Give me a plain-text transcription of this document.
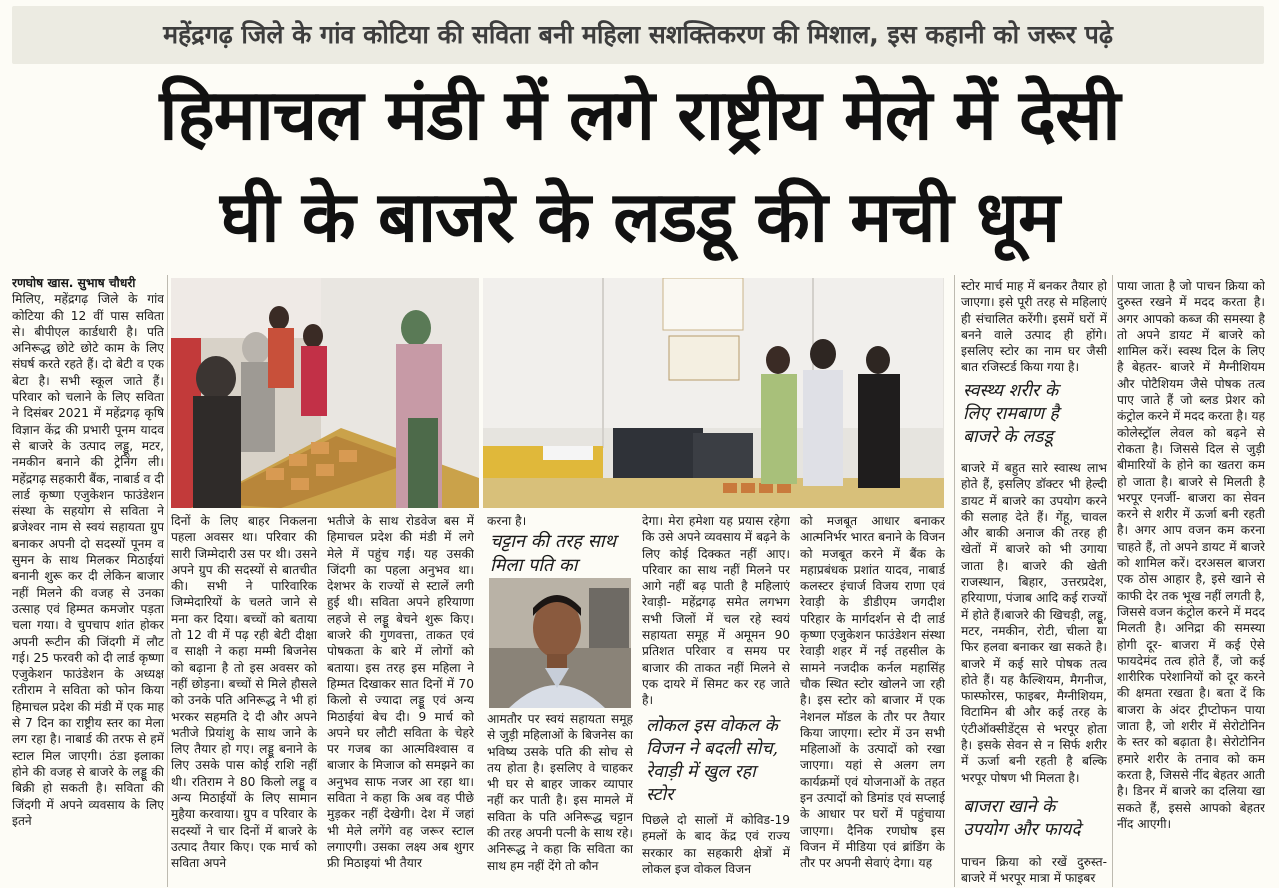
महेंद्रगढ़ जिले के गांव कोटिया की सविता बनी महिला सशक्तिकरण की मिशाल, इस कहानी को जरूर पढ़े
हिमाचल मंडी में लगे राष्ट्रीय मेले में देसी
घी के बाजरे के लडडू की मची धूम
रणघोष खास. सुभाष चौधरी

मिलिए, महेंद्रगढ़ जिले के गांव कोटिया की 12 वीं पास सविता से। बीपीएल कार्डधारी है। पति अनिरूद्ध छोटे छोटे काम के लिए संघर्ष करते रहते हैं। दो बेटी व एक बेटा है। सभी स्कूल जाते हैं। परिवार को चलाने के लिए सविता ने दिसंबर 2021 में महेंद्रगढ़ कृषि विज्ञान केंद्र की प्रभारी पूनम यादव से बाजरे के उत्पाद लड्डू, मटर, नमकीन बनाने की ट्रेनिंग ली। महेंद्रगढ़ सहकारी बैंक, नाबार्ड व दी लार्ड कृष्णा एजुकेशन फाउंडेशन संस्था के सहयोग से सविता ने ब्रजेश्वर नाम से स्वयं सहायता ग्रुप बनाकर अपनी दो सदस्यों पूनम व सुमन के साथ मिलकर मिठाईयां बनानी शुरू कर दी लेकिन बाजार नहीं मिलने की वजह से उनका उत्साह एवं हिम्मत कमजोर पड़ता चला गया। वे चुपचाप शांत होकर अपनी रूटीन की जिंदगी में लौट गई। 25 फरवरी को दी लार्ड कृष्णा एजुकेशन फाउंडेशन के अध्यक्ष रतीराम ने सविता को फोन किया हिमाचल प्रदेश की मंडी में एक माह से 7 दिन का राष्ट्रीय स्तर का मेला लग रहा है। नाबार्ड की तरफ से हमें स्टाल मिल जाएगी। ठंडा इलाका होने की वजह से बाजरे के लड्डू की बिक्री हो सकती है। सविता की जिंदगी में अपने व्यवसाय के लिए इतने

दिनों के लिए बाहर निकलना पहला अवसर था। परिवार की सारी जिम्मेदारी उस पर थी। उसने अपने ग्रुप की सदस्यों से बातचीत की। सभी ने पारिवारिक जिम्मेदारियों के चलते जाने से मना कर दिया। बच्चों को बताया तो 12 वी में पढ़ रही बेटी दीक्षा व साक्षी ने कहा मम्मी बिजनेस को बढ़ाना है तो इस अवसर को नहीं छोड़ना। बच्चों से मिले हौसले को उनके पति अनिरूद्ध ने भी हां भरकर सहमति दे दी और अपने भतीजे प्रियांशु के साथ जाने के लिए तैयार हो गए। लड्डू बनाने के लिए उसके पास कोई राशि नहीं थी। रतिराम ने 80 किलो लड्डू व अन्य मिठाईयों के लिए सामान मुहैया करवाया। ग्रुप व परिवार के सदस्यों ने चार दिनों में बाजरे के उत्पाद तैयार किए। एक मार्च को सविता अपने

भतीजे के साथ रोडवेज बस में हिमाचल प्रदेश की मंडी में लगे मेले में पहुंच गई। यह उसकी जिंदगी का पहला अनुभव था। देशभर के राज्यों से स्टालें लगी हुई थी। सविता अपने हरियाणा लहजे से लड्डू बेचने शुरू किए। बाजरे की गुणवत्ता, ताकत एवं पोषकता के बारे में लोगों को बताया। इस तरह इस महिला ने हिम्मत दिखाकर सात दिनों में 70 किलो से ज्यादा लड्डू एवं अन्य मिठाईयां बेच दी। 9 मार्च को अपने घर लौटी सविता के चेहरे पर गजब का आत्मविश्वास व बाजार के मिजाज को समझने का अनुभव साफ नजर आ रहा था। सविता ने कहा कि अब वह पीछे मुड़कर नहीं देखेगी। देश में जहां भी मेले लगेंगे वह जरूर स्टाल लगाएगी। उसका लक्ष्य अब शुगर फ्री मिठाइयां भी तैयार

करना है।

चट्टान की तरह साथ मिला पति का

आमतौर पर स्वयं सहायता समूह से जुड़ी महिलाओं के बिजनेस का भविष्य उसके पति की सोच से तय होता है। इसलिए वे चाहकर भी घर से बाहर जाकर व्यापार नहीं कर पाती है। इस मामले में सविता के पति अनिरूद्ध चट्टान की तरह अपनी पत्नी के साथ रहे। अनिरूद्ध ने कहा कि सविता का साथ हम नहीं देंगे तो कौन

देगा। मेरा हमेशा यह प्रयास रहेगा कि उसे अपने व्यवसाय में बढ़ने के लिए कोई दिक्कत नहीं आए। परिवार का साथ नहीं मिलने पर आगे नहीं बढ़ पाती है महिलाएं रेवाड़ी- महेंद्रगढ़ समेत लगभग सभी जिलों में चल रहे स्वयं सहायता समूह में अमूमन 90 प्रतिशत परिवार व समय पर बाजार की ताकत नहीं मिलने से एक दायरे में सिमट कर रह जाते है।

लोकल इस वोकल के विजन ने बदली सोच, रेवाड़ी में खुल रहा स्टोर

पिछले दो सालों में कोविड-19 हमलों के बाद केंद्र एवं राज्य सरकार का सहकारी क्षेत्रों में लोकल इज वोकल विजन

को मजबूत आधार बनाकर आत्मनिर्भर भारत बनाने के विजन को मजबूत करने में बैंक के महाप्रबंधक प्रशांत यादव, नाबार्ड कलस्टर इंचार्ज विजय राणा एवं रेवाड़ी के डीडीएम जगदीश परिहार के मार्गदर्शन से दी लार्ड कृष्णा एजुकेशन फाउंडेशन संस्था रेवाड़ी शहर में नई तहसील के सामने नजदीक कर्नल महासिंह चौक स्थित स्टोर खोलने जा रही है। इस स्टोर को बाजार में एक नेशनल मॉडल के तौर पर तैयार किया जाएगा। स्टोर में उन सभी महिलाओं के उत्पादों को रखा जाएगा। यहां से अलग लग कार्यक्रमों एवं योजनाओं के तहत इन उत्पादों को डिमांड एवं सप्लाई के आधार पर घरों में पहुंचाया जाएगा। दैनिक रणघोष इस विजन में मीडिया एवं ब्रांडिंग के तौर पर अपनी सेवाएं देगा। यह

स्टोर मार्च माह में बनकर तैयार हो जाएगा। इसे पूरी तरह से महिलाएं ही संचालित करेंगी। इसमें घरों में बनने वाले उत्पाद ही होंगे। इसलिए स्टोर का नाम घर जैसी बात रजिस्टर्ड किया गया है।

स्वस्थ्य शरीर के लिए रामबाण है बाजरे के लडडू

बाजरे में बहुत सारे स्वास्थ लाभ होते हैं, इसलिए डॉक्टर भी हेल्दी डायट में बाजरे का उपयोग करने की सलाह देते हैं। गेंहू, चावल और बाकी अनाज की तरह ही खेतों में बाजरे को भी उगाया जाता है। बाजरे की खेती राजस्थान, बिहार, उत्तरप्रदेश, हरियाणा, पंजाब आदि कई राज्यों में होते हैं।बाजरे की खिचड़ी, लड्डू, मटर, नमकीन, रोटी, चीला या फिर हलवा बनाकर खा सकते है। बाजरे में कई सारे पोषक तत्व होते हैं। यह कैल्शियम, मैगनीज, फास्फोरस, फाइबर, मैग्नीशियम, विटामिन बी और कई तरह के एंटीऑक्सीडेंट्स से भरपूर होता है। इसके सेवन से न सिर्फ शरीर में ऊर्जा बनी रहती है बल्कि भरपूर पोषण भी मिलता है।

बाजरा खाने के उपयोग और फायदे

पाचन क्रिया को रखें दुरुस्त- बाजरे में भरपूर मात्रा में फाइबर

पाया जाता है जो पाचन क्रिया को दुरुस्त रखने में मदद करता है। अगर आपको कब्ज की समस्या है तो अपने डायट में बाजरे को शामिल करें। स्वस्थ दिल के लिए है बेहतर- बाजरे में मैग्नीशियम और पोटैशियम जैसे पोषक तत्व पाए जाते हैं जो ब्लड प्रेशर को कंट्रोल करने में मदद करता है। यह कोलेस्ट्रॉल लेवल को बढ़ने से रोकता है। जिससे दिल से जुड़ी बीमारियों के होने का खतरा कम हो जाता है। बाजरे से मिलती है भरपूर एनर्जी- बाजरा का सेवन करने से शरीर में ऊर्जा बनी रहती है। अगर आप वजन कम करना चाहते हैं, तो अपने डायट में बाजरे को शामिल करें। दरअसल बाजरा एक ठोस आहार है, इसे खाने से काफी देर तक भूख नहीं लगती है, जिससे वजन कंट्रोल करने में मदद मिलती है। अनिद्रा की समस्या होगी दूर- बाजरा में कई ऐसे फायदेमंद तत्व होते हैं, जो कई शारीरिक परेशानियों को दूर करने की क्षमता रखता है। बता दें कि बाजरा के अंदर ट्रीप्टोफन पाया जाता है, जो शरीर में सेरोटोनिन के स्तर को बढ़ाता है। सेरोटोनिन हमारे शरीर के तनाव को कम करता है, जिससे नींद बेहतर आती है। डिनर में बाजरे का दलिया खा सकते हैं, इससे आपको बेहतर नींद आएगी।
